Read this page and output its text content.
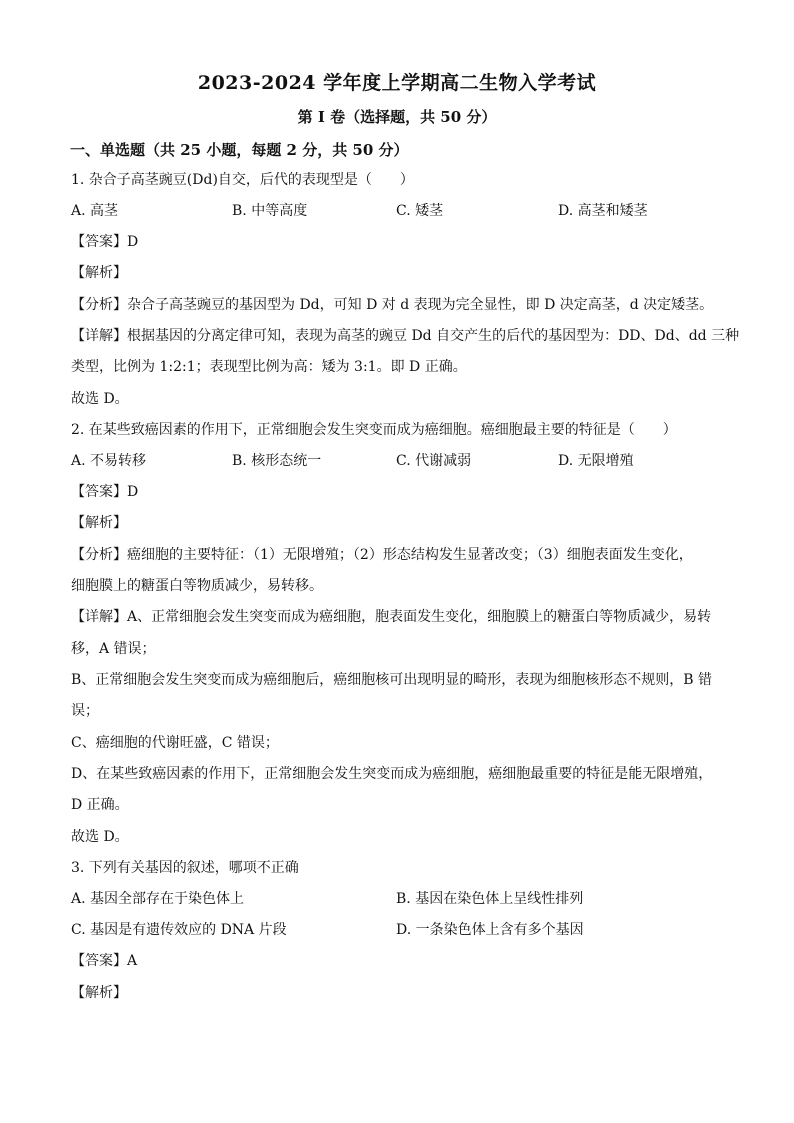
2023-2024 学年度上学期高二生物入学考试
第 I 卷（选择题，共 50 分）
一、单选题（共 25 小题，每题 2 分，共 50 分）
1. 杂合子高茎豌豆(Dd)自交，后代的表现型是（　　）
A. 高茎	B. 中等高度	C. 矮茎	D. 高茎和矮茎
【答案】D
【解析】
【分析】杂合子高茎豌豆的基因型为 Dd，可知 D 对 d 表现为完全显性，即 D 决定高茎，d 决定矮茎。
【详解】根据基因的分离定律可知，表现为高茎的豌豆 Dd 自交产生的后代的基因型为：DD、Dd、dd 三种
类型，比例为 1:2:1；表现型比例为高：矮为 3:1。即 D 正确。
故选 D。
2. 在某些致癌因素的作用下，正常细胞会发生突变而成为癌细胞。癌细胞最主要的特征是（　　）
A. 不易转移	B. 核形态统一	C. 代谢减弱	D. 无限增殖
【答案】D
【解析】
【分析】癌细胞的主要特征：（1）无限增殖；（2）形态结构发生显著改变；（3）细胞表面发生变化，
细胞膜上的糖蛋白等物质减少，易转移。
【详解】A、正常细胞会发生突变而成为癌细胞，胞表面发生变化，细胞膜上的糖蛋白等物质减少，易转
移，A 错误；
B、正常细胞会发生突变而成为癌细胞后，癌细胞核可出现明显的畸形，表现为细胞核形态不规则，B 错
误；
C、癌细胞的代谢旺盛，C 错误；
D、在某些致癌因素的作用下，正常细胞会发生突变而成为癌细胞，癌细胞最重要的特征是能无限增殖，
D 正确。
故选 D。
3. 下列有关基因的叙述，哪项不正确
A. 基因全部存在于染色体上	B. 基因在染色体上呈线性排列
C. 基因是有遗传效应的 DNA 片段	D. 一条染色体上含有多个基因
【答案】A
【解析】
